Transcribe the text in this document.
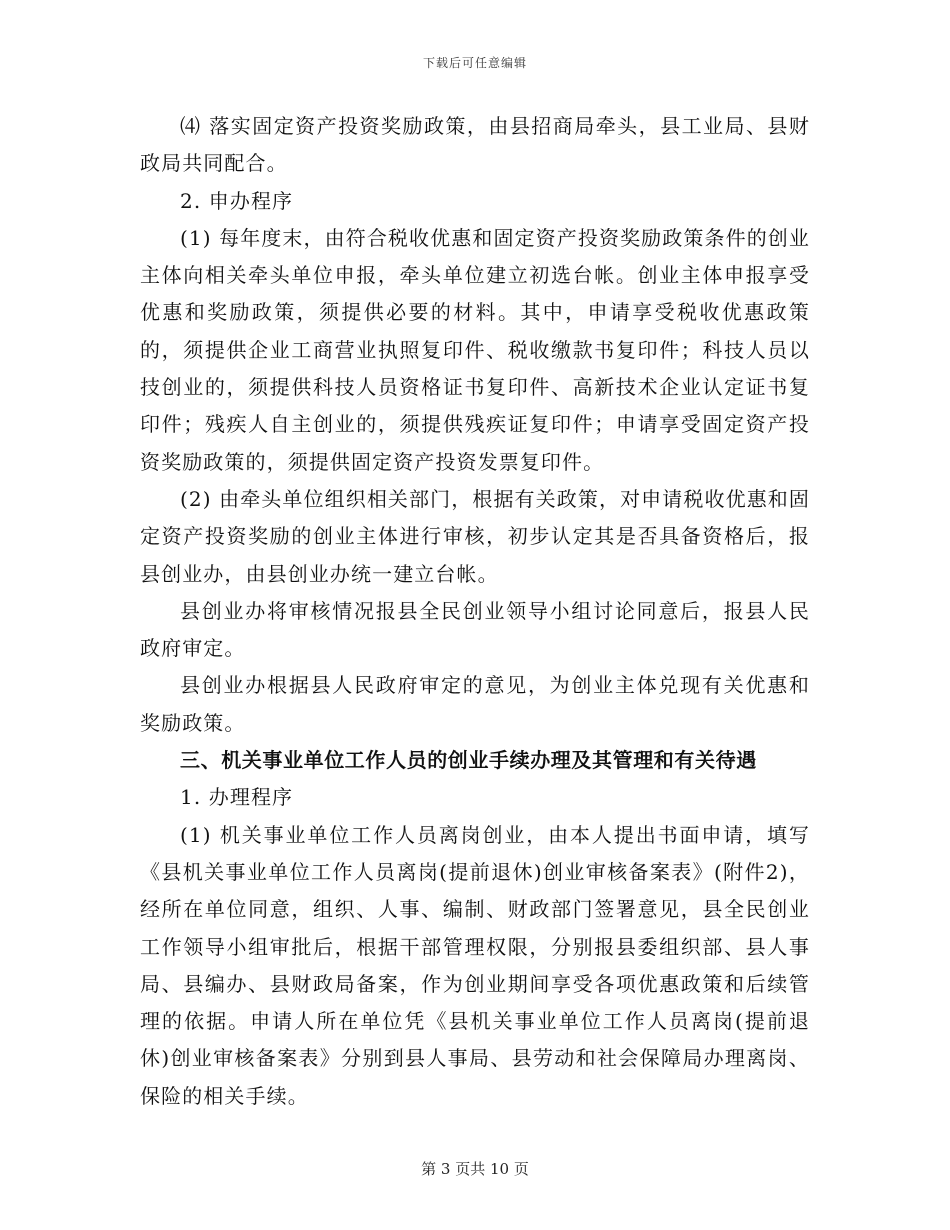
下载后可任意编辑

⑷ 落实固定资产投资奖励政策，由县招商局牵头，县工业局、县财政局共同配合。

2. 申办程序

(1) 每年度末，由符合税收优惠和固定资产投资奖励政策条件的创业主体向相关牵头单位申报，牵头单位建立初选台帐。创业主体申报享受优惠和奖励政策，须提供必要的材料。其中，申请享受税收优惠政策的，须提供企业工商营业执照复印件、税收缴款书复印件；科技人员以技创业的，须提供科技人员资格证书复印件、高新技术企业认定证书复印件；残疾人自主创业的，须提供残疾证复印件；申请享受固定资产投资奖励政策的，须提供固定资产投资发票复印件。

(2) 由牵头单位组织相关部门，根据有关政策，对申请税收优惠和固定资产投资奖励的创业主体进行审核，初步认定其是否具备资格后，报县创业办，由县创业办统一建立台帐。

县创业办将审核情况报县全民创业领导小组讨论同意后，报县人民政府审定。

县创业办根据县人民政府审定的意见，为创业主体兑现有关优惠和奖励政策。

三、机关事业单位工作人员的创业手续办理及其管理和有关待遇

1. 办理程序

(1) 机关事业单位工作人员离岗创业，由本人提出书面申请，填写《县机关事业单位工作人员离岗(提前退休)创业审核备案表》(附件2)，经所在单位同意，组织、人事、编制、财政部门签署意见，县全民创业工作领导小组审批后，根据干部管理权限，分别报县委组织部、县人事局、县编办、县财政局备案，作为创业期间享受各项优惠政策和后续管理的依据。申请人所在单位凭《县机关事业单位工作人员离岗(提前退休)创业审核备案表》分别到县人事局、县劳动和社会保障局办理离岗、保险的相关手续。

第 3 页共 10 页
